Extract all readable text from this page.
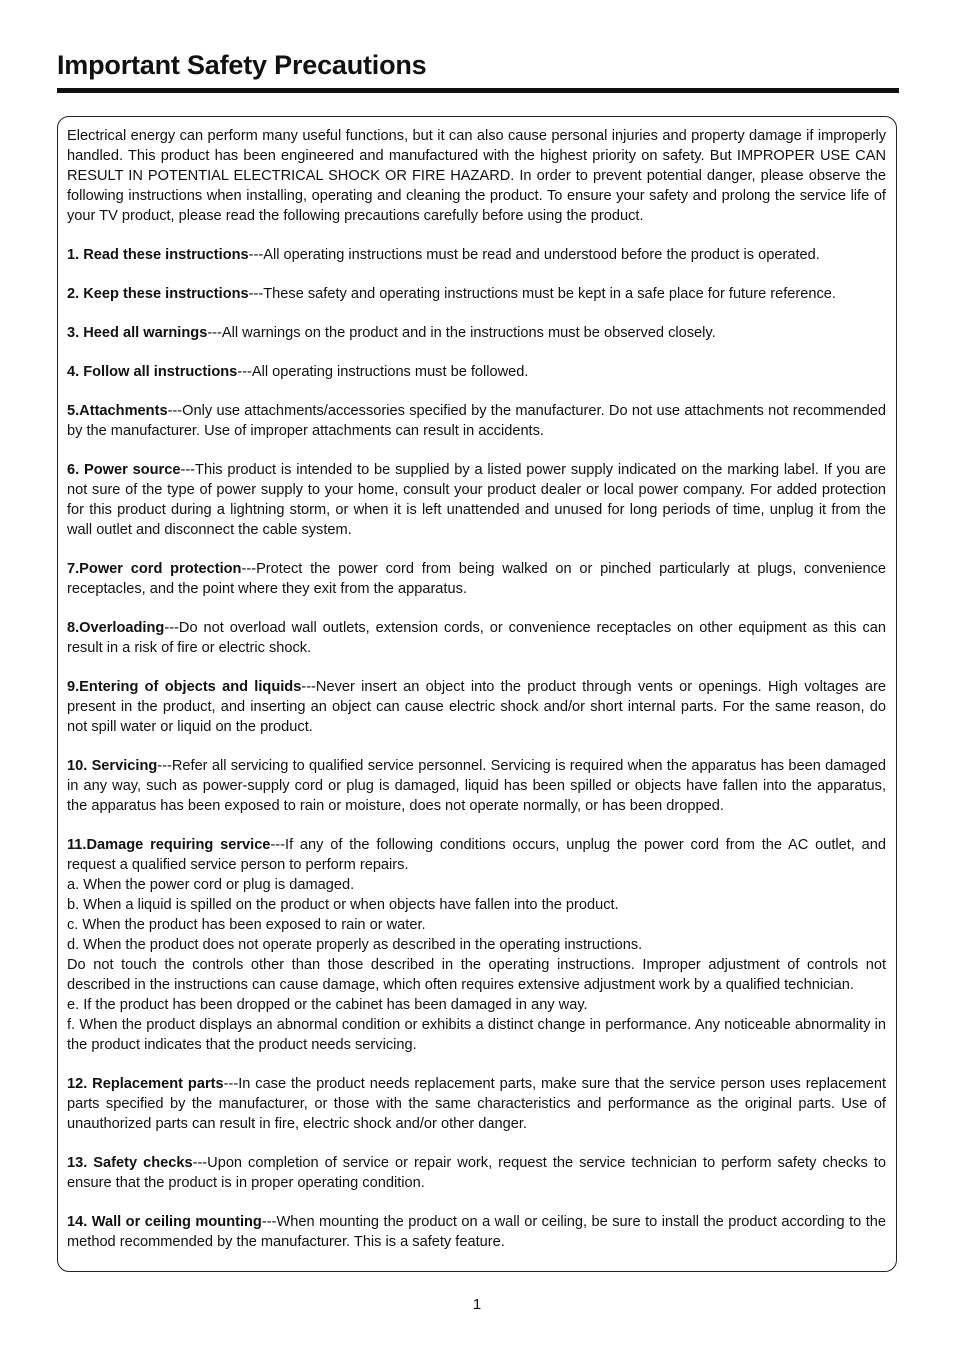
Important Safety Precautions

Electrical energy can perform many useful functions, but it can also cause personal injuries and property damage if improperly handled. This product has been engineered and manufactured with the highest priority on safety. But IMPROPER USE CAN RESULT IN POTENTIAL ELECTRICAL SHOCK OR FIRE HAZARD. In order to prevent potential danger, please observe the following instructions when installing, operating and cleaning the product. To ensure your safety and prolong the service life of your TV product, please read the following precautions carefully before using the product.

1. Read these instructions---All operating instructions must be read and understood before the product is operated.

2. Keep these instructions---These safety and operating instructions must be kept in a safe place for future reference.

3. Heed all warnings---All warnings on the product and in the instructions must be observed closely.

4. Follow all instructions---All operating instructions must be followed.

5.Attachments---Only use attachments/accessories specified by the manufacturer. Do not use attachments not recommended by the manufacturer. Use of improper attachments can result in accidents.

6. Power source---This product is intended to be supplied by a listed power supply indicated on the marking label. If you are not sure of the type of power supply to your home, consult your product dealer or local power company. For added protection for this product during a lightning storm, or when it is left unattended and unused for long periods of time, unplug it from the wall outlet and disconnect the cable system.

7.Power cord protection---Protect the power cord from being walked on or pinched particularly at plugs, convenience receptacles, and the point where they exit from the apparatus.

8.Overloading---Do not overload wall outlets, extension cords, or convenience receptacles on other equipment as this can result in a risk of fire or electric shock.

9.Entering of objects and liquids---Never insert an object into the product through vents or openings. High voltages are present in the product, and inserting an object can cause electric shock and/or short internal parts. For the same reason, do not spill water or liquid on the product.

10. Servicing---Refer all servicing to qualified service personnel. Servicing is required when the apparatus has been damaged in any way, such as power-supply cord or plug is damaged, liquid has been spilled or objects have fallen into the apparatus, the apparatus has been exposed to rain or moisture, does not operate normally, or has been dropped.

11.Damage requiring service---If any of the following conditions occurs, unplug the power cord from the AC outlet, and request a qualified service person to perform repairs.

a. When the power cord or plug is damaged.

b. When a liquid is spilled on the product or when objects have fallen into the product.

c. When the product has been exposed to rain or water.

d. When the product does not operate properly as described in the operating instructions.

Do not touch the controls other than those described in the operating instructions. Improper adjustment of controls not described in the instructions can cause damage, which often requires extensive adjustment work by a qualified technician.

e. If the product has been dropped or the cabinet has been damaged in any way.

f. When the product displays an abnormal condition or exhibits a distinct change in performance. Any noticeable abnormality in the product indicates that the product needs servicing.

12. Replacement parts---In case the product needs replacement parts, make sure that the service person uses replacement parts specified by the manufacturer, or those with the same characteristics and performance as the original parts. Use of unauthorized parts can result in fire, electric shock and/or other danger.

13. Safety checks---Upon completion of service or repair work, request the service technician to perform safety checks to ensure that the product is in proper operating condition.

14. Wall or ceiling mounting---When mounting the product on a wall or ceiling, be sure to install the product according to the method recommended by the manufacturer. This is a safety feature.

1
